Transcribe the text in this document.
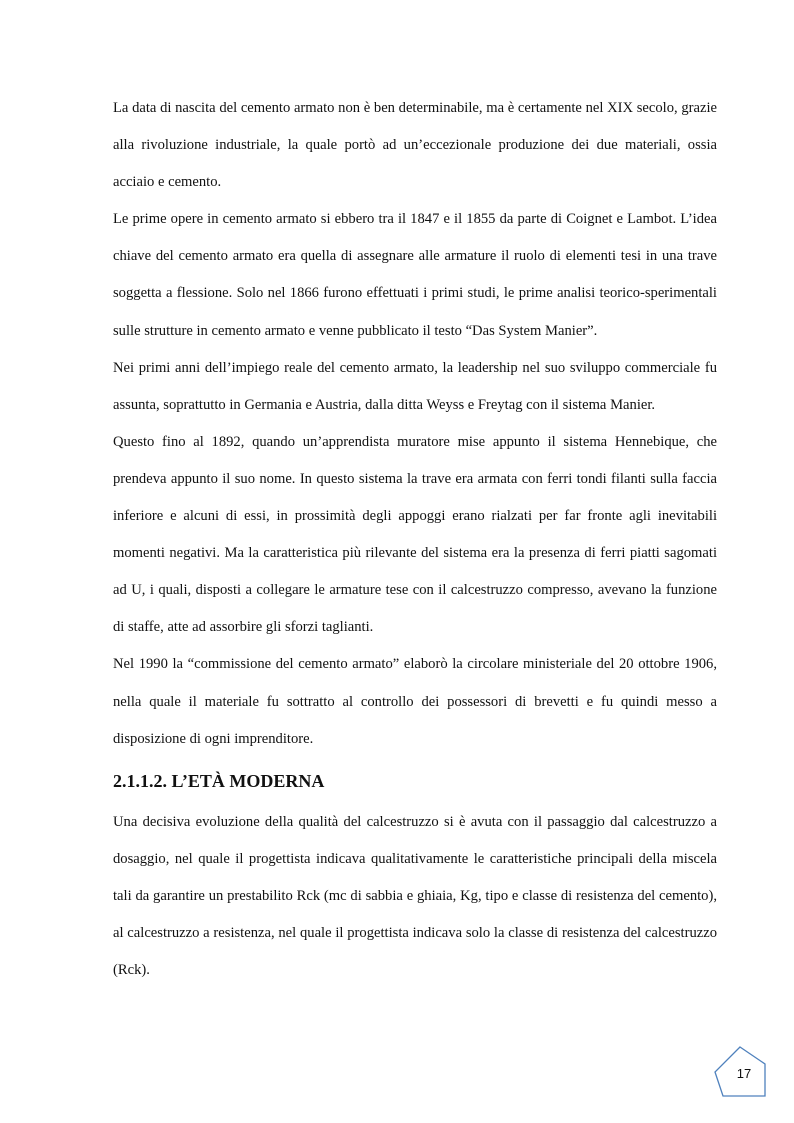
La data di nascita del cemento armato non è ben determinabile, ma è certamente nel XIX secolo, grazie alla rivoluzione industriale, la quale portò ad un’eccezionale produzione dei due materiali, ossia acciaio e cemento.

Le prime opere in cemento armato si ebbero tra il 1847 e il 1855 da parte di Coignet e Lambot. L’idea chiave del cemento armato era quella di assegnare alle armature il ruolo di elementi tesi in una trave soggetta a flessione. Solo nel 1866 furono effettuati i primi studi, le prime analisi teorico-sperimentali sulle strutture in cemento armato e venne pubblicato il testo “Das System Manier”.

Nei primi anni dell’impiego reale del cemento armato, la leadership nel suo sviluppo commerciale fu assunta, soprattutto in Germania e Austria, dalla ditta Weyss e Freytag con il sistema Manier.

Questo fino al 1892, quando un’apprendista muratore mise appunto il sistema Hennebique, che prendeva appunto il suo nome. In questo sistema la trave era armata con ferri tondi filanti sulla faccia inferiore e alcuni di essi, in prossimità degli appoggi erano rialzati per far fronte agli inevitabili momenti negativi. Ma la caratteristica più rilevante del sistema era la presenza di ferri piatti sagomati ad U, i quali, disposti a collegare le armature tese con il calcestruzzo compresso, avevano la funzione di staffe, atte ad assorbire gli sforzi taglianti.

Nel 1990 la “commissione del cemento armato” elaborò la circolare ministeriale del 20 ottobre 1906, nella quale il materiale fu sottratto al controllo dei possessori di brevetti e fu quindi messo a disposizione di ogni imprenditore.

2.1.1.2. L’ETÀ MODERNA

Una decisiva evoluzione della qualità del calcestruzzo si è avuta con il passaggio dal calcestruzzo a dosaggio, nel quale il progettista indicava qualitativamente le caratteristiche principali della miscela tali da garantire un prestabilito Rck (mc di sabbia e ghiaia, Kg, tipo e classe di resistenza del cemento), al calcestruzzo a resistenza, nel quale il progettista indicava solo la classe di resistenza del calcestruzzo (Rck).

17
